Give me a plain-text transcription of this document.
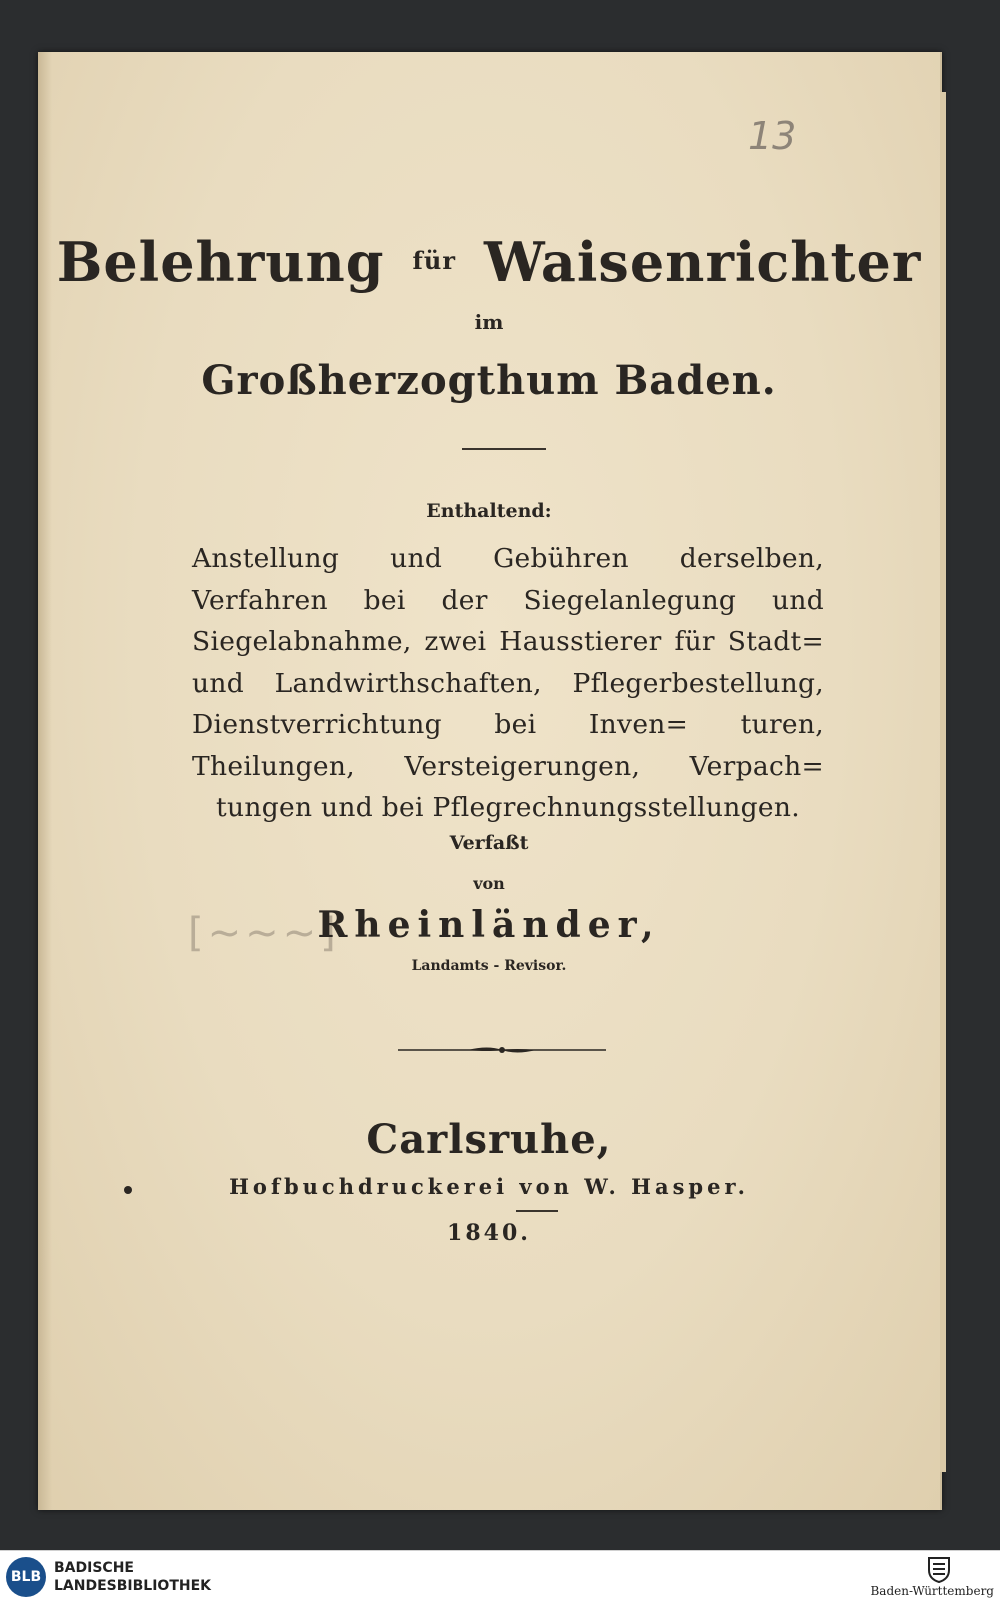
13
Belehrung $^{für}$ Waisenrichter
im
Großherzogthum Baden.
Enthaltend:
Anstellung und Gebühren derselben, Verfahren bei der Siegelanlegung und Siegelabnahme, zwei Hausstierer für Stadt= und Landwirthschaften, Pflegerbestellung, Dienstverrichtung bei Inven= turen, Theilungen, Versteigerungen, Verpach= tungen und bei Pflegrechnungsstellungen.
Verfaßt
von
[~~~]
Rheinländer,
Landamts - Revisor.
Carlsruhe,
Hofbuchdruckerei von W. Hasper.
1840.
BLB
BADISCHE
LANDESBIBLIOTHEK	Baden-Württemberg
